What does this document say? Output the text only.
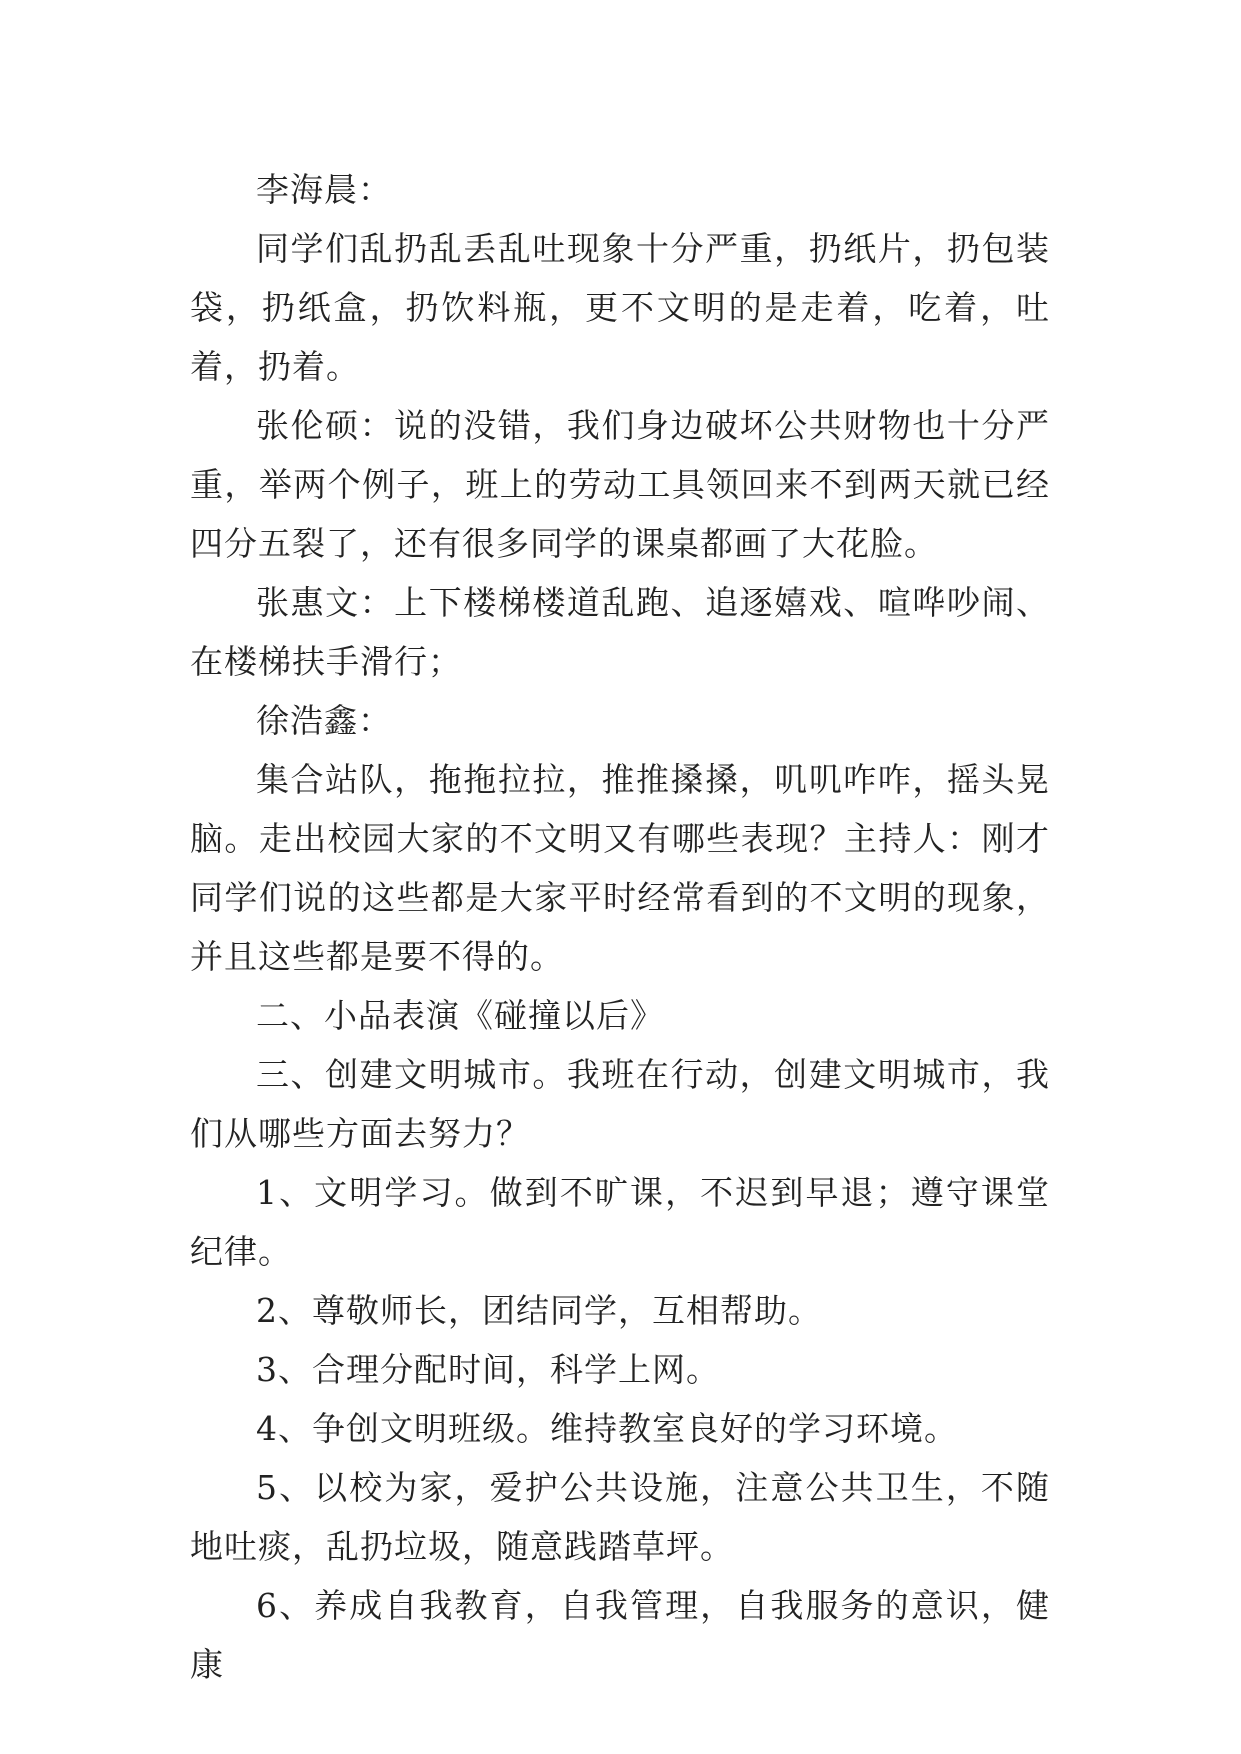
李海晨：

同学们乱扔乱丢乱吐现象十分严重，扔纸片，扔包装袋，扔纸盒，扔饮料瓶，更不文明的是走着，吃着，吐着，扔着。

张伦硕：说的没错，我们身边破坏公共财物也十分严重，举两个例子，班上的劳动工具领回来不到两天就已经四分五裂了，还有很多同学的课桌都画了大花脸。

张惠文：上下楼梯楼道乱跑、追逐嬉戏、喧哗吵闹、在楼梯扶手滑行；

徐浩鑫：

集合站队，拖拖拉拉，推推搡搡，叽叽咋咋，摇头晃脑。走出校园大家的不文明又有哪些表现？主持人：刚才同学们说的这些都是大家平时经常看到的不文明的现象，并且这些都是要不得的。

二、小品表演《碰撞以后》

三、创建文明城市。我班在行动，创建文明城市，我们从哪些方面去努力？

1、文明学习。做到不旷课，不迟到早退；遵守课堂纪律。

2、尊敬师长，团结同学，互相帮助。

3、合理分配时间，科学上网。

4、争创文明班级。维持教室良好的学习环境。

5、以校为家，爱护公共设施，注意公共卫生，不随地吐痰，乱扔垃圾，随意践踏草坪。

6、养成自我教育，自我管理，自我服务的意识，健康
